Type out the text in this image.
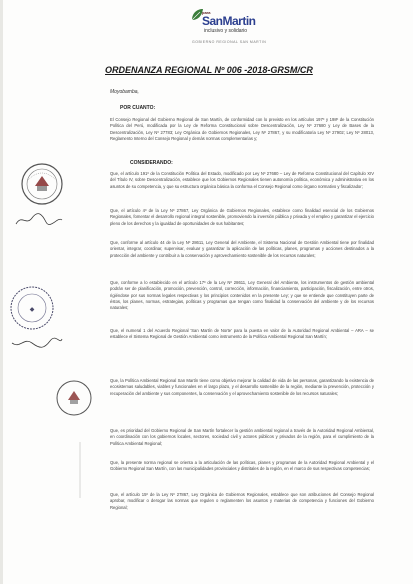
para
SanMartin
inclusivo y solidario
GOBIERNO REGIONAL SAN MARTIN
ORDENANZA REGIONAL Nº 006 -2018-GRSM/CR
Moyobamba,
POR CUANTO:

El Consejo Regional del Gobierno Regional de San Martín, de conformidad con lo previsto en los artículos 197º y 198º de la Constitución Política del Perú, modificada por la Ley de Reforma Constitucional sobre Descentralización, Ley Nº 27680 y Ley de Bases de la Descentralización, Ley Nº 27783; Ley Orgánica de Gobiernos Regionales, Ley Nº 27867, y su modificatoria Ley Nº 27902; Ley Nº 28013, Reglamento Interno del Consejo Regional y demás normas complementarias y;

CONSIDERANDO:

Que, el artículo 191º de la Constitución Política del Estado, modificado por Ley Nº 27680 – Ley de Reforma Constitucional del Capítulo XIV del Título IV, sobre Descentralización, establece que los Gobiernos Regionales tienen autonomía política, económica y administrativa en los asuntos de su competencia, y que su estructura orgánica básica la conforma el Consejo Regional como órgano normativo y fiscalizador;

Que, el artículo 4º de la Ley Nº 27867, Ley Orgánica de Gobiernos Regionales, establece como finalidad esencial de los Gobiernos Regionales, fomentar el desarrollo regional integral sostenible, promoviendo la inversión pública y privada y el empleo y garantizar el ejercicio pleno de los derechos y la igualdad de oportunidades de sus habitantes;

Que, conforme al artículo 44 de la Ley Nº 28611, Ley General del Ambiente, el Sistema Nacional de Gestión Ambiental tiene por finalidad orientar, integrar, coordinar, supervisar, evaluar y garantizar la aplicación de las políticas, planes, programas y acciones destinados a la protección del ambiente y contribuir a la conservación y aprovechamiento sostenible de los recursos naturales;

Que, conforme a lo establecido en el artículo 17º de la Ley Nº 28611, Ley General del Ambiente, los instrumentos de gestión ambiental podrán ser de planificación, promoción, prevención, control, corrección, información, financiamiento, participación, fiscalización, entre otros, rigiéndose por sus normas legales respectivas y los principios contenidos en la presente Ley; y que se entiende que constituyen parte de éstos, los planes, normas, estrategias, políticas y programas que tengan como finalidad la conservación del ambiente y de los recursos naturales;

Que, el numeral 1 del Acuerdo Regional 'San Martín de Norte' para la puesta en valor de la Autoridad Regional Ambiental – ARA – se establece el Sistema Regional de Gestión Ambiental como instrumento de la Política Ambiental Regional San Martín;

Que, la Política Ambiental Regional San Martín tiene como objetivo mejorar la calidad de vida de las personas, garantizando la existencia de ecosistemas saludables, viables y funcionales en el largo plazo, y el desarrollo sostenible de la región, mediante la prevención, protección y recuperación del ambiente y sus componentes, la conservación y el aprovechamiento sostenible de los recursos naturales;

Que, es prioridad del Gobierno Regional de San Martín fortalecer la gestión ambiental regional a través de la Autoridad Regional Ambiental, en coordinación con los gobiernos locales, sectores, sociedad civil y actores públicos y privados de la región, para el cumplimiento de la Política Ambiental Regional;

Que, la presente norma regional se orienta a la articulación de las políticas, planes y programas de la Autoridad Regional Ambiental y el Gobierno Regional San Martín, con las municipalidades provinciales y distritales de la región, en el marco de sus respectivas competencias;

Que, el artículo 15º de la Ley Nº 27867, Ley Orgánica de Gobiernos Regionales, establece que son atribuciones del Consejo Regional aprobar, modificar o derogar las normas que regulen o reglamenten los asuntos y materias de competencia y funciones del Gobierno Regional;

◆
